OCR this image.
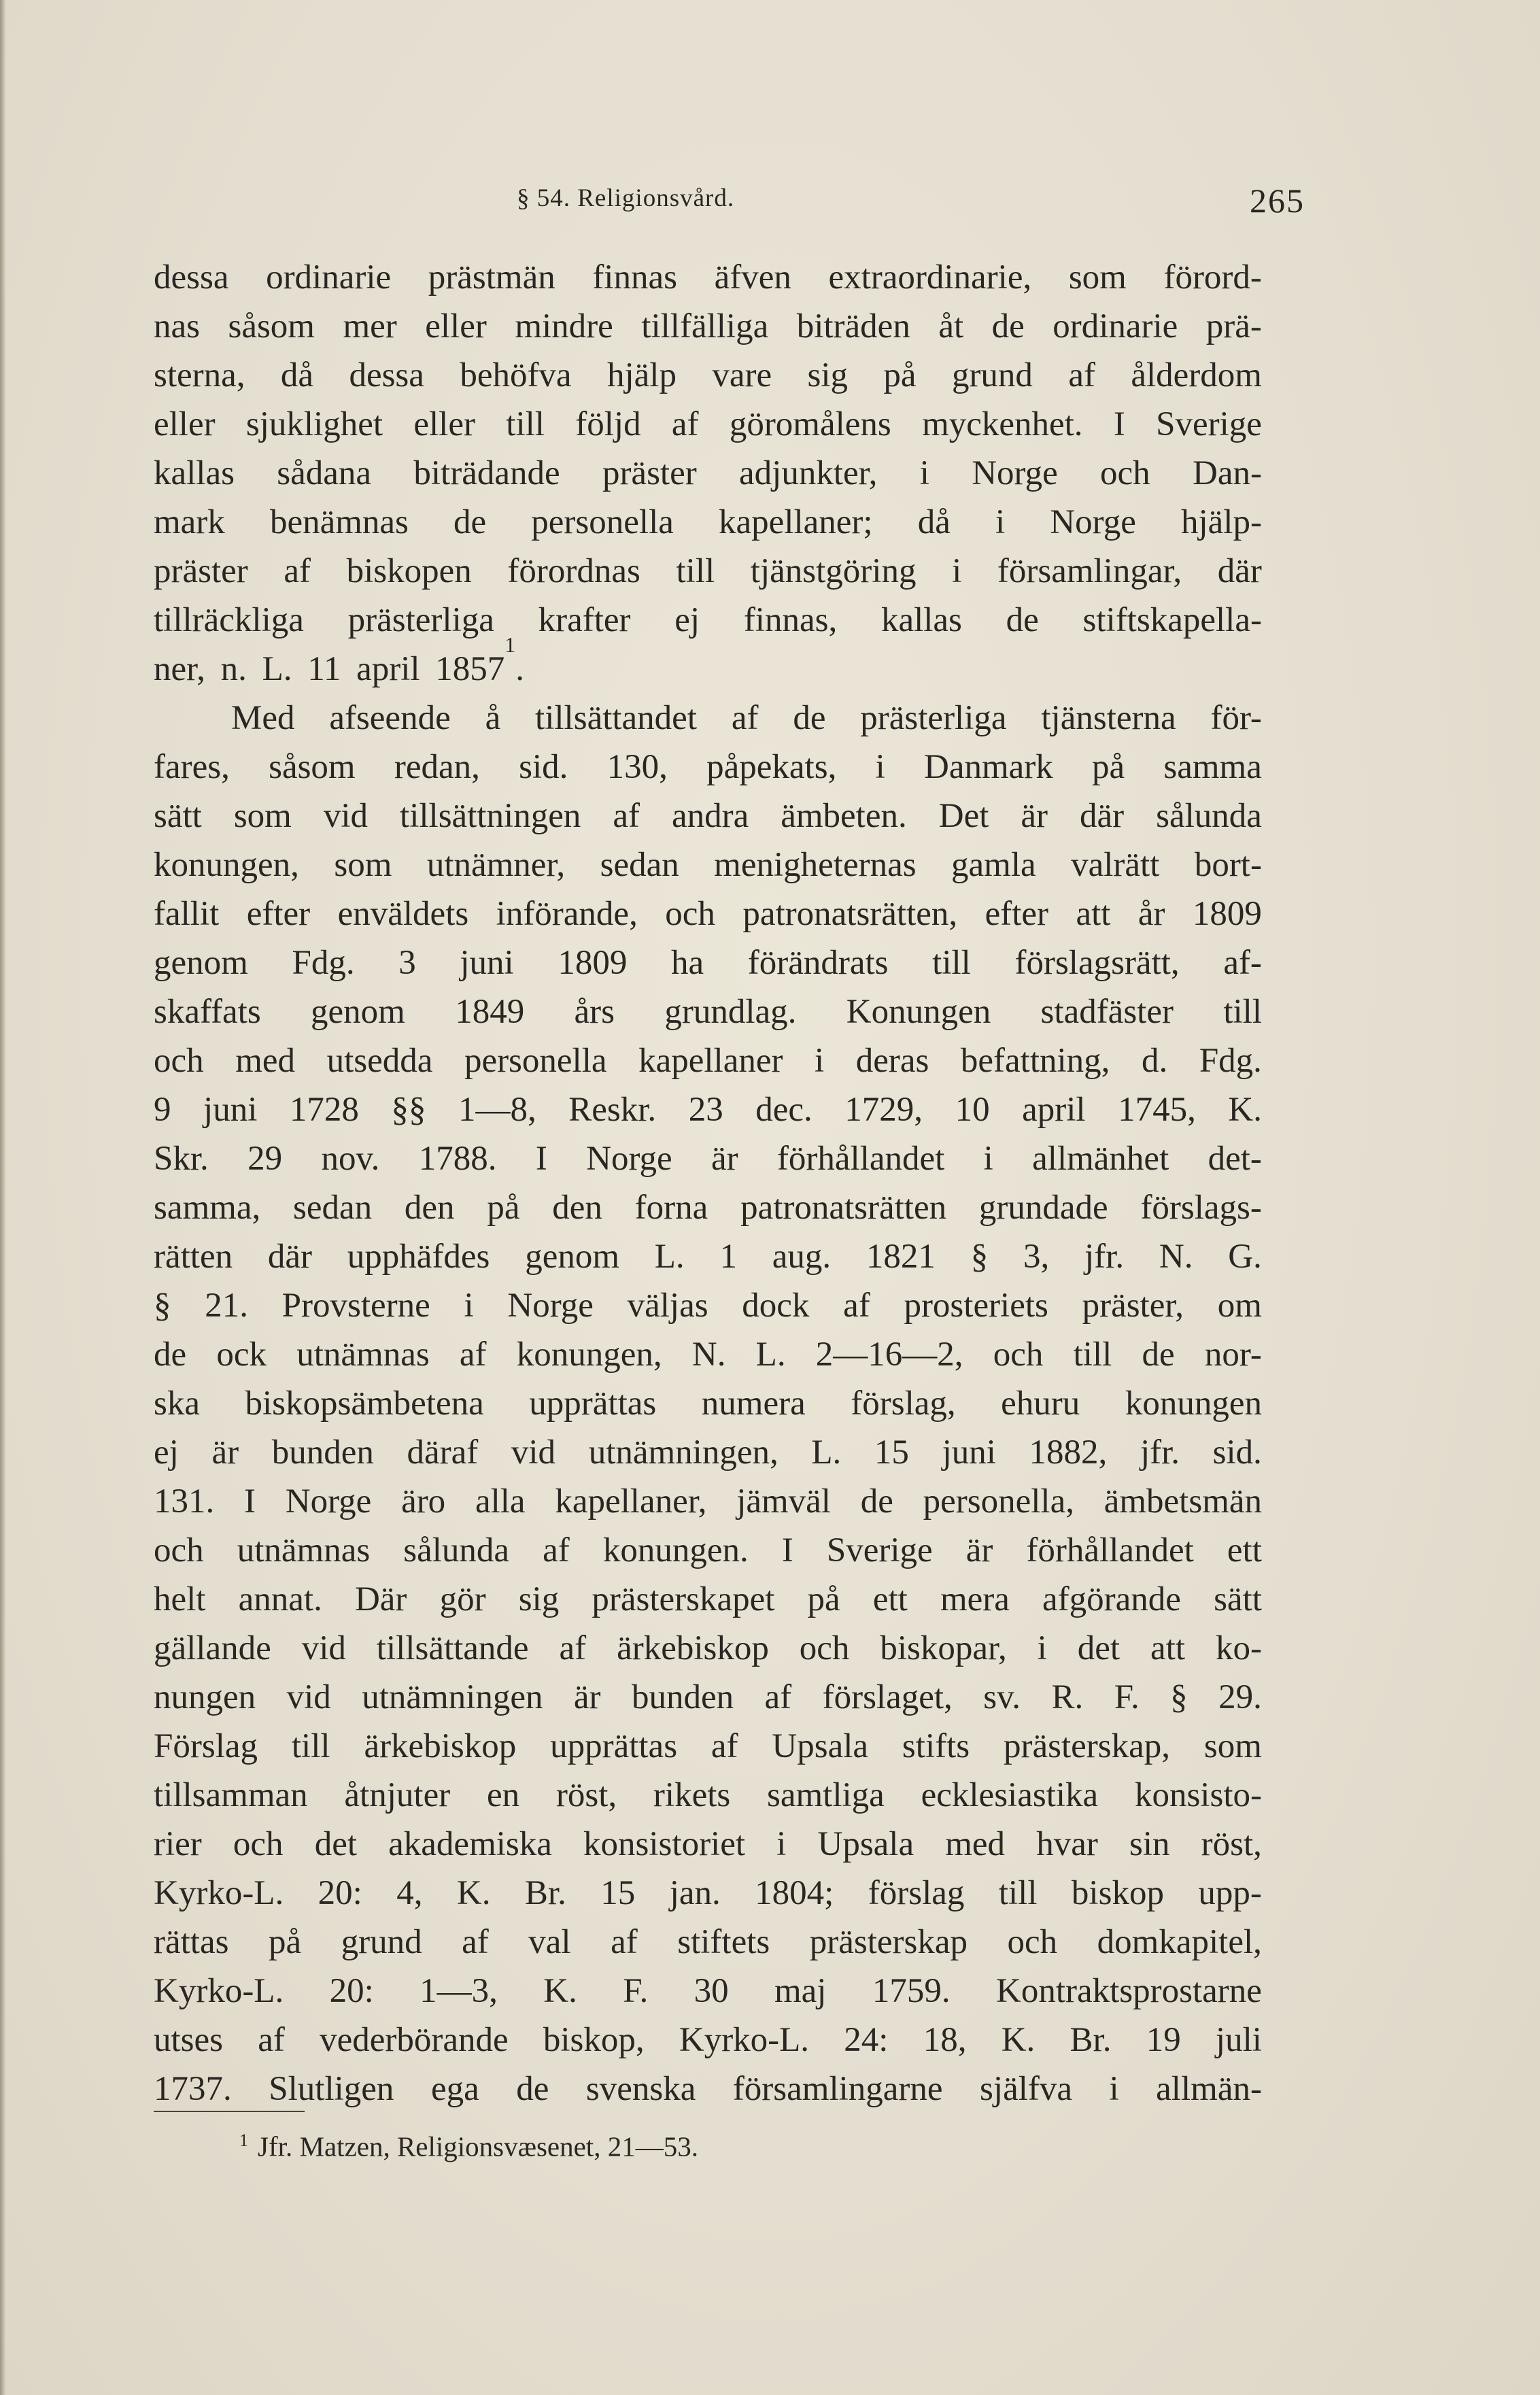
§ 54. Religionsvård.	265
dessa ordinarie prästmän finnas äfven extraordinarie, som förord-
nas såsom mer eller mindre tillfälliga biträden åt de ordinarie prä-
sterna, då dessa behöfva hjälp vare sig på grund af ålderdom
eller sjuklighet eller till följd af göromålens myckenhet. I Sverige
kallas sådana biträdande präster adjunkter, i Norge och Dan-
mark benämnas de personella kapellaner; då i Norge hjälp-
präster af biskopen förordnas till tjänstgöring i församlingar, där
tillräckliga prästerliga krafter ej finnas, kallas de stiftskapella-
ner, n. L. 11 april 1857
1
.
Med afseende å tillsättandet af de prästerliga tjänsterna för-
fares, såsom redan, sid. 130, påpekats, i Danmark på samma
sätt som vid tillsättningen af andra ämbeten. Det är där sålunda
konungen, som utnämner, sedan menigheternas gamla valrätt bort-
fallit efter enväldets införande, och patronatsrätten, efter att år 1809
genom Fdg. 3 juni 1809 ha förändrats till förslagsrätt, af-
skaffats genom 1849 års grundlag. Konungen stadfäster till
och med utsedda personella kapellaner i deras befattning, d. Fdg.
9 juni 1728 §§ 1—8, Reskr. 23 dec. 1729, 10 april 1745, K.
Skr. 29 nov. 1788. I Norge är förhållandet i allmänhet det-
samma, sedan den på den forna patronatsrätten grundade förslags-
rätten där upphäfdes genom L. 1 aug. 1821 § 3, jfr. N. G.
§ 21. Provsterne i Norge väljas dock af prosteriets präster, om
de ock utnämnas af konungen, N. L. 2—16—2, och till de nor-
ska biskopsämbetena upprättas numera förslag, ehuru konungen
ej är bunden däraf vid utnämningen, L. 15 juni 1882, jfr. sid.
131. I Norge äro alla kapellaner, jämväl de personella, ämbetsmän
och utnämnas sålunda af konungen. I Sverige är förhållandet ett
helt annat. Där gör sig prästerskapet på ett mera afgörande sätt
gällande vid tillsättande af ärkebiskop och biskopar, i det att ko-
nungen vid utnämningen är bunden af förslaget, sv. R. F. § 29.
Förslag till ärkebiskop upprättas af Upsala stifts prästerskap, som
tillsamman åtnjuter en röst, rikets samtliga ecklesiastika konsisto-
rier och det akademiska konsistoriet i Upsala med hvar sin röst,
Kyrko-L. 20: 4, K. Br. 15 jan. 1804; förslag till biskop upp-
rättas på grund af val af stiftets prästerskap och domkapitel,
Kyrko-L. 20: 1—3, K. F. 30 maj 1759. Kontraktsprostarne
utses af vederbörande biskop, Kyrko-L. 24: 18, K. Br. 19 juli
1737. Slutligen ega de svenska församlingarne själfva i allmän-
$^1$ Jfr. Matzen, Religionsvæsenet, 21—53.
